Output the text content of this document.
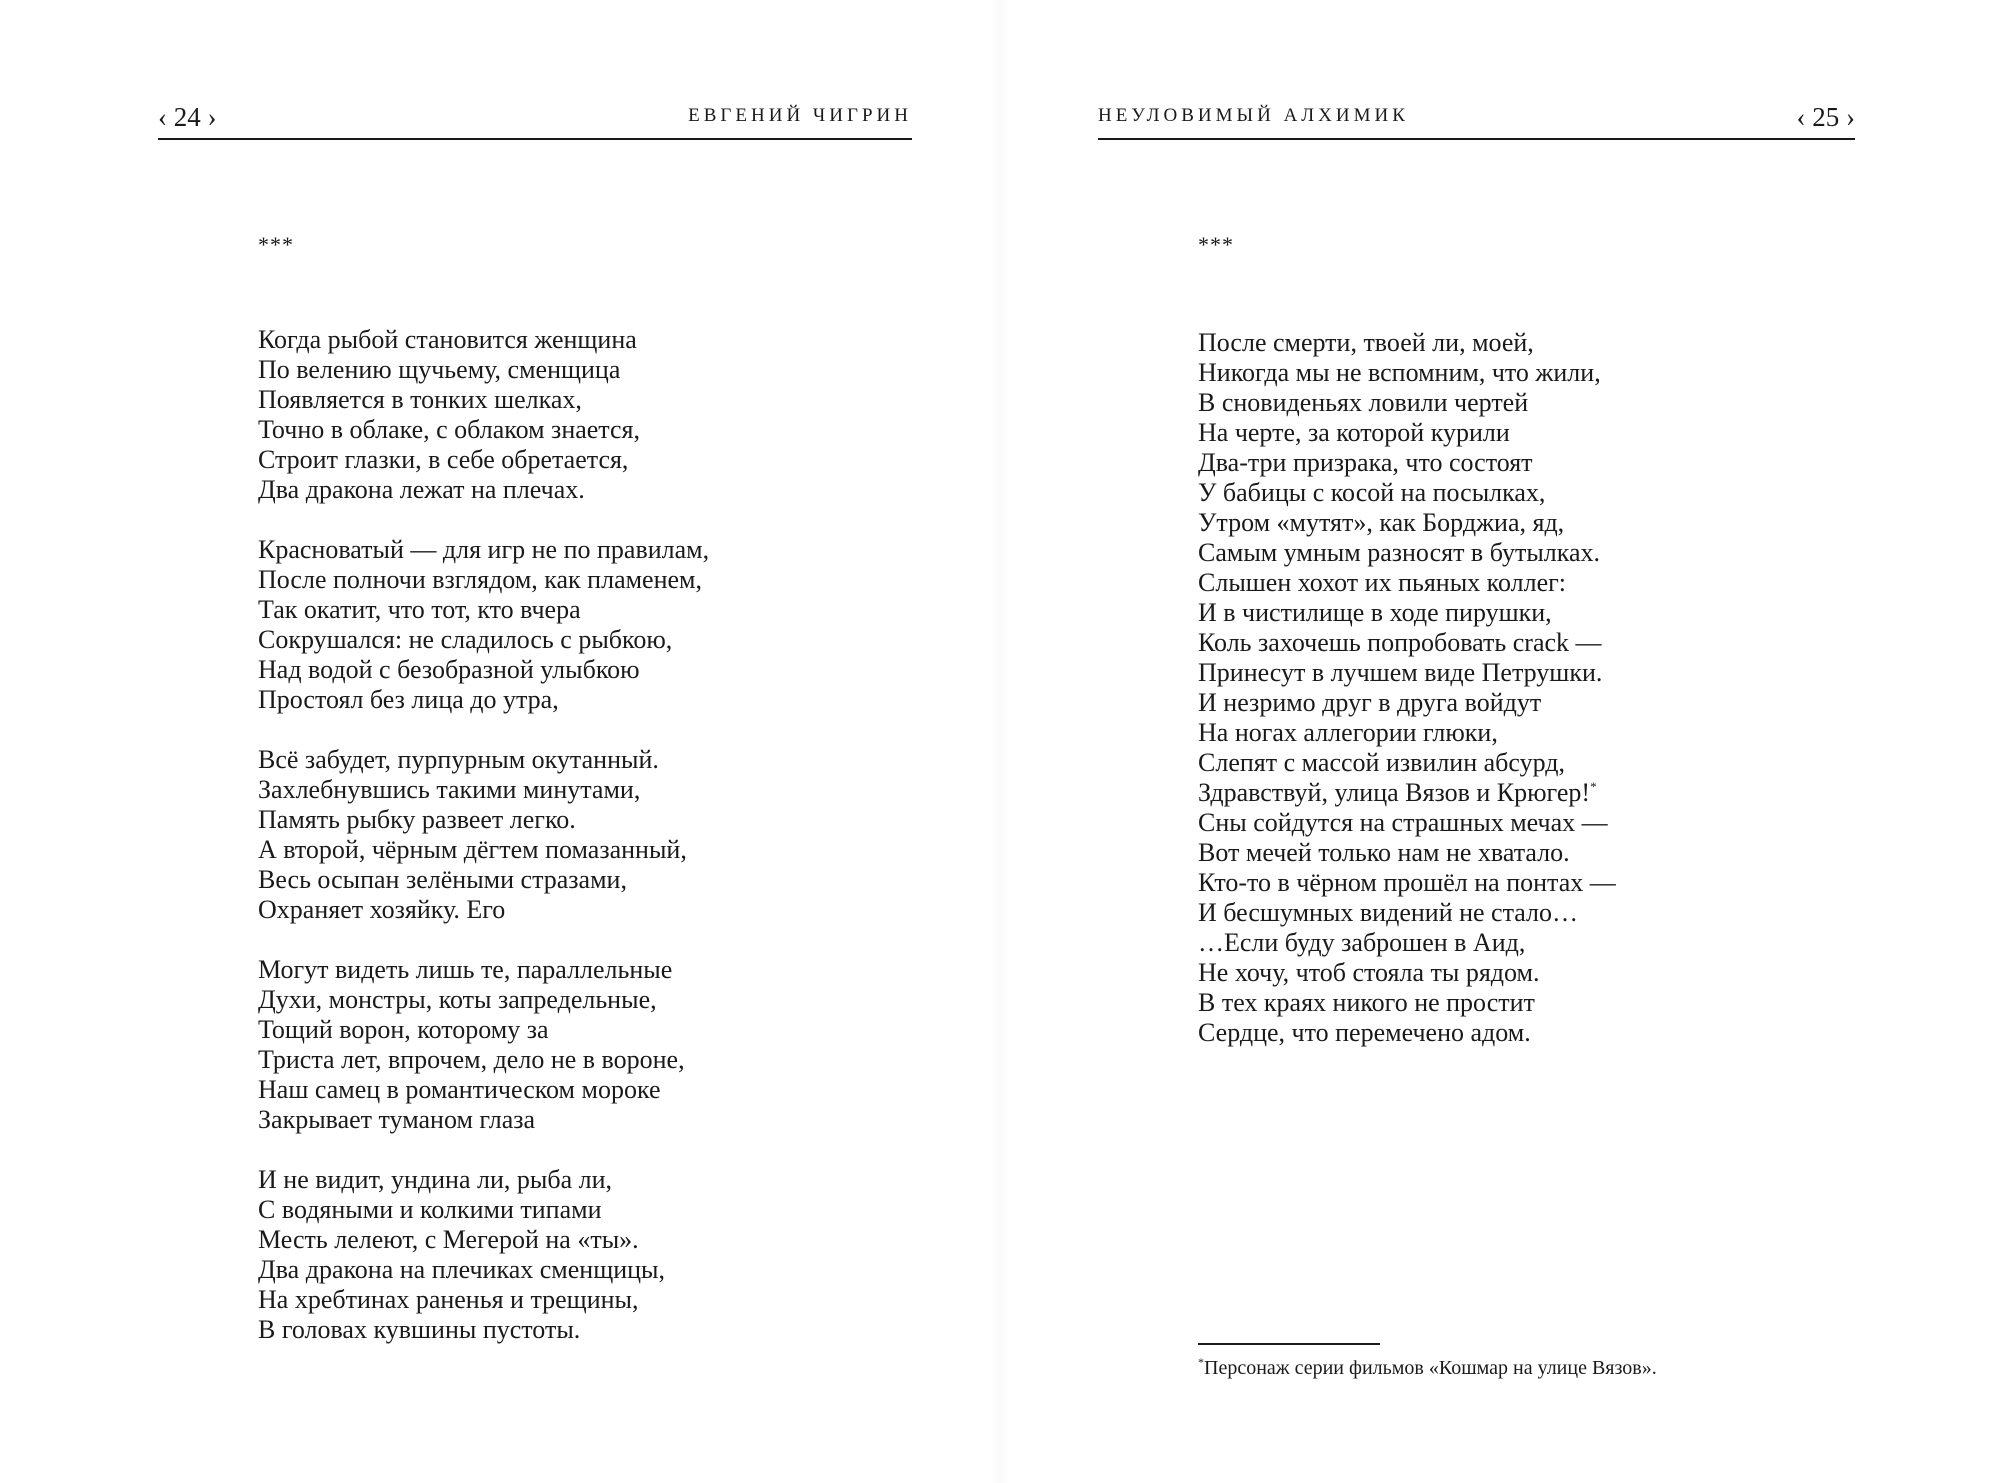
‹ 24 ›	ЕВГЕНИЙ ЧИГРИН
***
Когда рыбой становится женщина
По велению щучьему, сменщица
Появляется в тонких шелках,
Точно в облаке, с облаком знается,
Строит глазки, в себе обретается,
Два дракона лежат на плечах.
Красноватый — для игр не по правилам,
После полночи взглядом, как пламенем,
Так окатит, что тот, кто вчера
Сокрушался: не сладилось с рыбкою,
Над водой с безобразной улыбкою
Простоял без лица до утра,
Всё забудет, пурпурным окутанный.
Захлебнувшись такими минутами,
Память рыбку развеет легко.
А второй, чёрным дёгтем помазанный,
Весь осыпан зелёными стразами,
Охраняет хозяйку. Его
Могут видеть лишь те, параллельные
Духи, монстры, коты запредельные,
Тощий ворон, которому за
Триста лет, впрочем, дело не в вороне,
Наш самец в романтическом мороке
Закрывает туманом глаза
И не видит, ундина ли, рыба ли,
С водяными и колкими типами
Месть лелеют, с Мегерой на «ты».
Два дракона на плечиках сменщицы,
На хребтинах раненья и трещины,
В головах кувшины пустоты.
НЕУЛОВИМЫЙ АЛХИМИК	‹ 25 ›
***
После смерти, твоей ли, моей,
Никогда мы не вспомним, что жили,
В сновиденьях ловили чертей
На черте, за которой курили
Два-три призрака, что состоят
У бабицы с косой на посылках,
Утром «мутят», как Борджиа, яд,
Самым умным разносят в бутылках.
Слышен хохот их пьяных коллег:
И в чистилище в ходе пирушки,
Коль захочешь попробовать crack —
Принесут в лучшем виде Петрушки.
И незримо друг в друга войдут
На ногах аллегории глюки,
Слепят с массой извилин абсурд,
Здравствуй, улица Вязов и Крюгер!*
Сны сойдутся на страшных мечах —
Вот мечей только нам не хватало.
Кто-то в чёрном прошёл на понтах —
И бесшумных видений не стало…
…Если буду заброшен в Аид,
Не хочу, чтоб стояла ты рядом.
В тех краях никого не простит
Сердце, что перемечено адом.
*Персонаж серии фильмов «Кошмар на улице Вязов».
